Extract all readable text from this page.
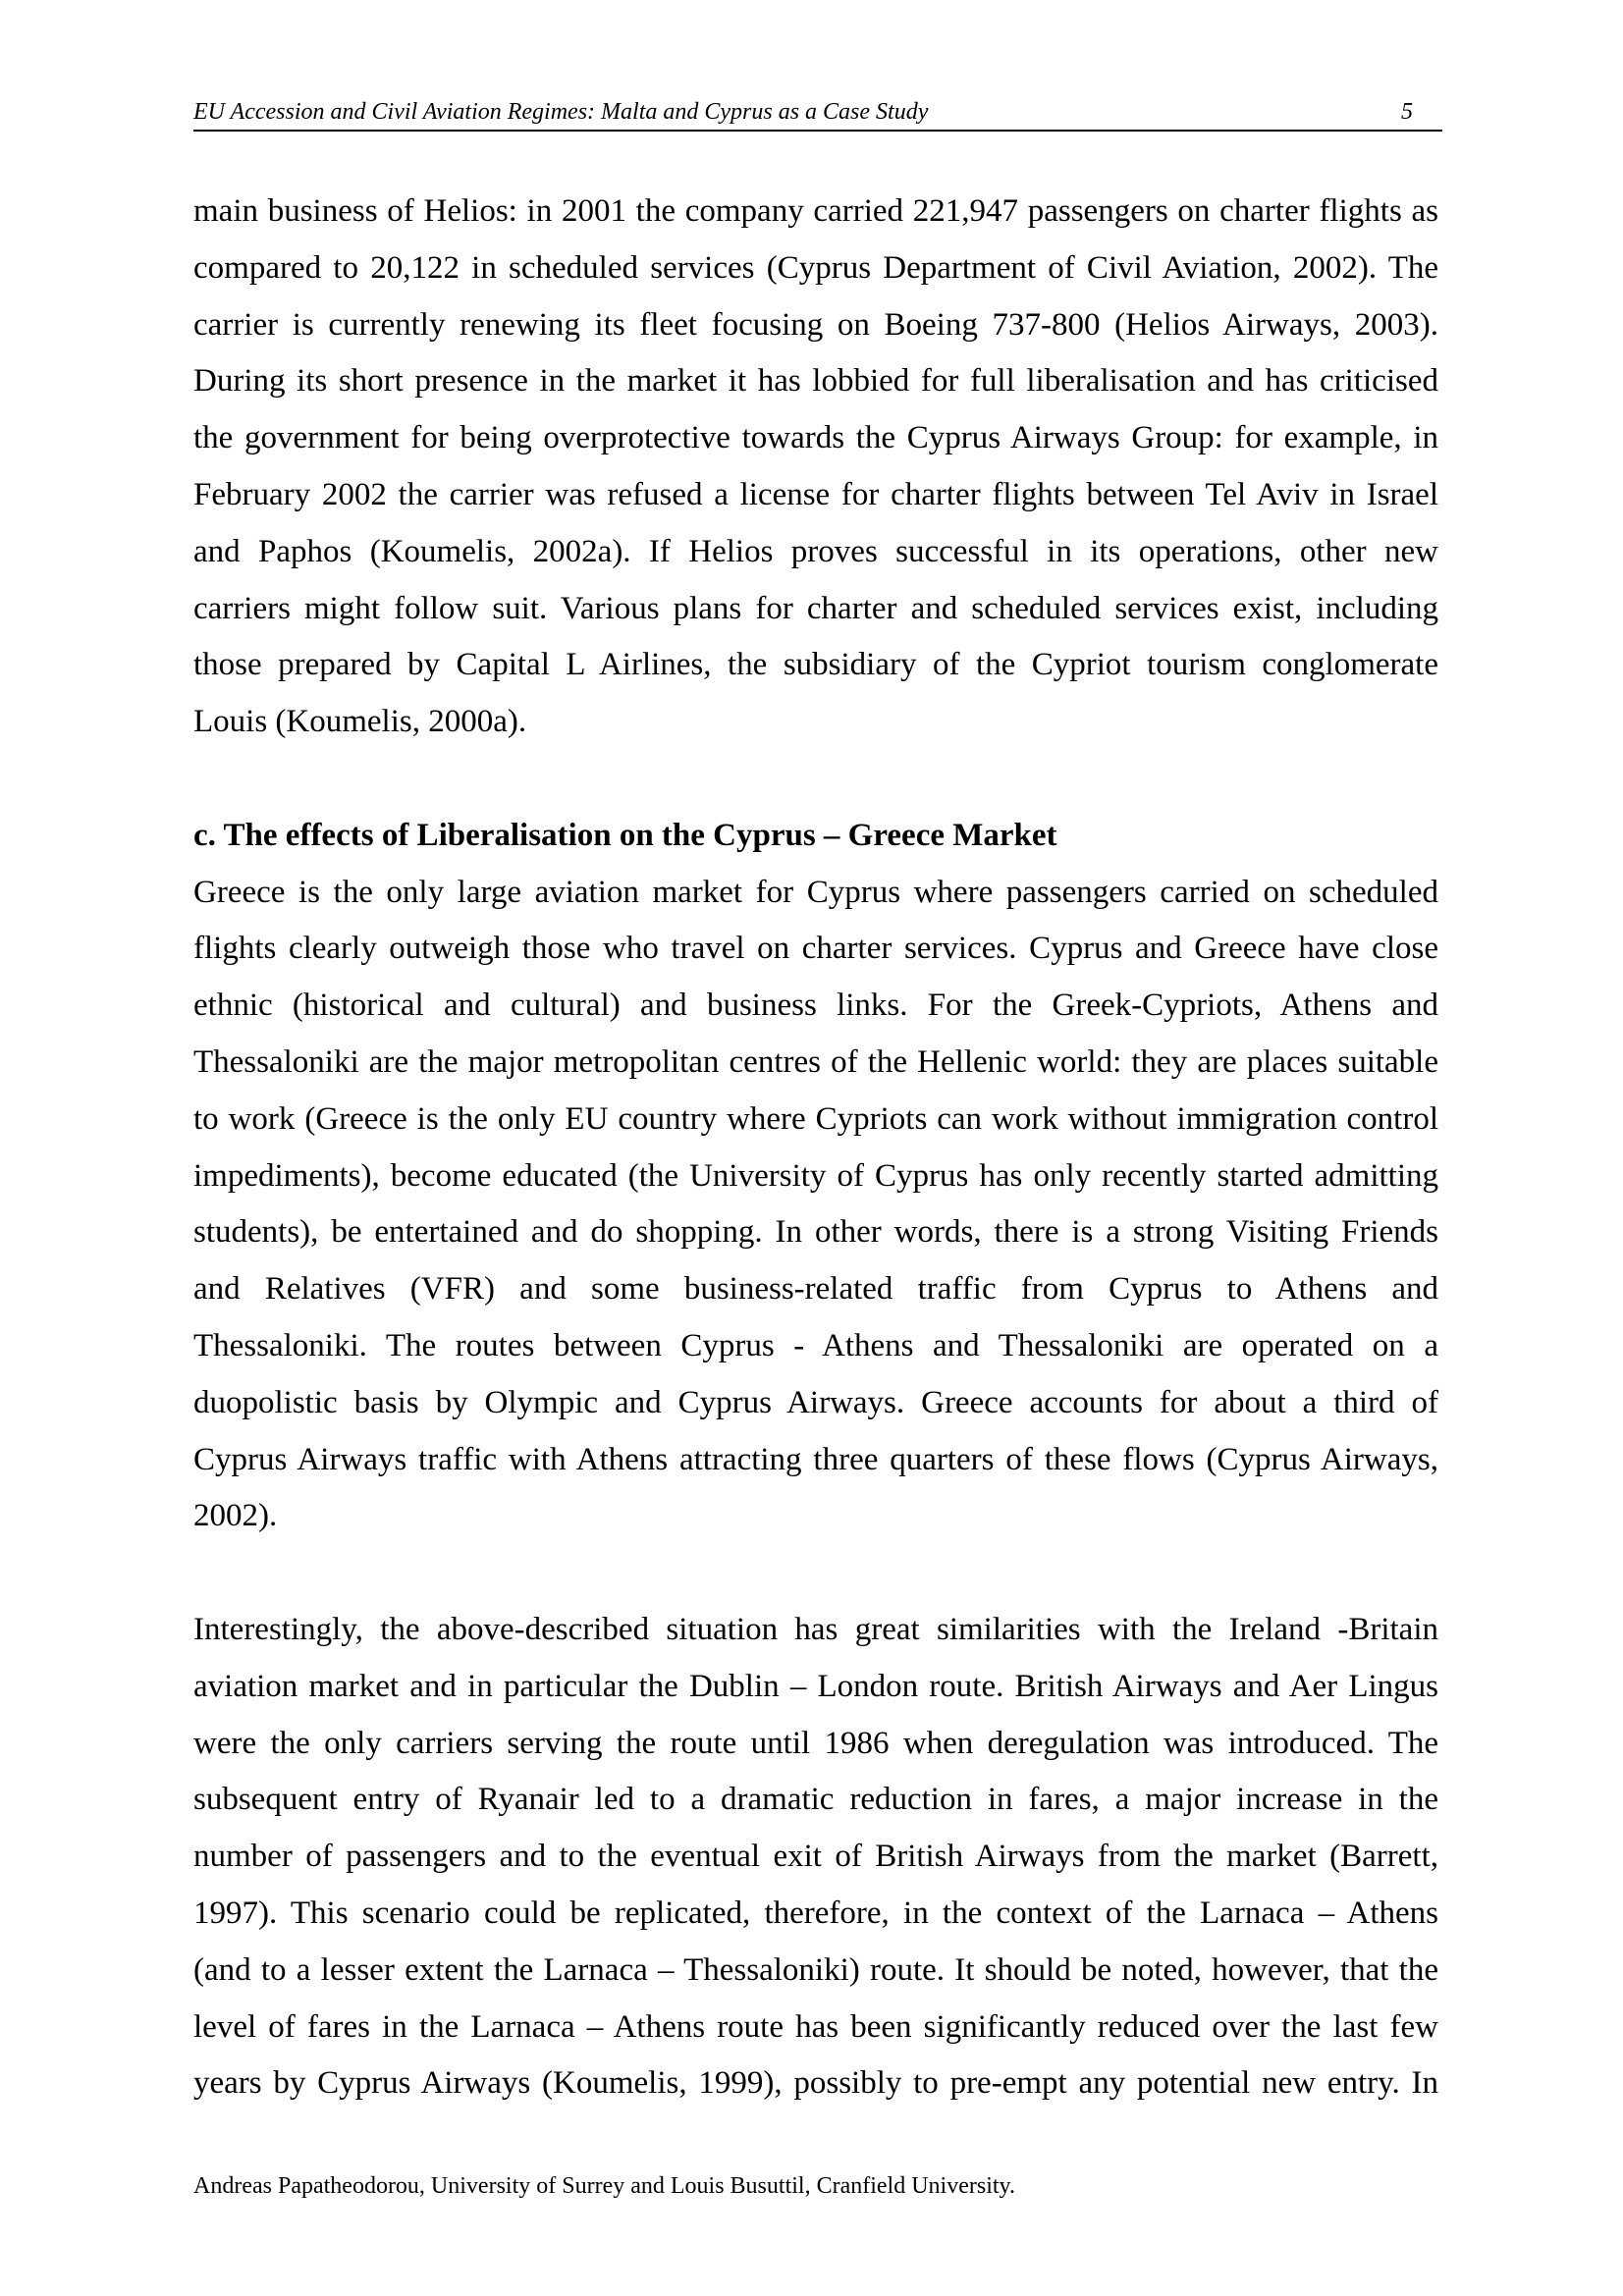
EU Accession and Civil Aviation Regimes: Malta and Cyprus as a Case Study	5

main business of Helios: in 2001 the company carried 221,947 passengers on charter flights as
compared to 20,122 in scheduled services (Cyprus Department of Civil Aviation, 2002). The
carrier is currently renewing its fleet focusing on Boeing 737-800 (Helios Airways, 2003).
During its short presence in the market it has lobbied for full liberalisation and has criticised
the government for being overprotective towards the Cyprus Airways Group: for example, in
February 2002 the carrier was refused a license for charter flights between Tel Aviv in Israel
and Paphos (Koumelis, 2002a). If Helios proves successful in its operations, other new
carriers might follow suit. Various plans for charter and scheduled services exist, including
those prepared by Capital L Airlines, the subsidiary of the Cypriot tourism conglomerate
Louis (Koumelis, 2000a).

c. The effects of Liberalisation on the Cyprus – Greece Market

Greece is the only large aviation market for Cyprus where passengers carried on scheduled
flights clearly outweigh those who travel on charter services. Cyprus and Greece have close
ethnic (historical and cultural) and business links. For the Greek-Cypriots, Athens and
Thessaloniki are the major metropolitan centres of the Hellenic world: they are places suitable
to work (Greece is the only EU country where Cypriots can work without immigration control
impediments), become educated (the University of Cyprus has only recently started admitting
students), be entertained and do shopping. In other words, there is a strong Visiting Friends
and Relatives (VFR) and some business-related traffic from Cyprus to Athens and
Thessaloniki. The routes between Cyprus - Athens and Thessaloniki are operated on a
duopolistic basis by Olympic and Cyprus Airways. Greece accounts for about a third of
Cyprus Airways traffic with Athens attracting three quarters of these flows (Cyprus Airways,
2002).

Interestingly, the above-described situation has great similarities with the Ireland -Britain
aviation market and in particular the Dublin – London route. British Airways and Aer Lingus
were the only carriers serving the route until 1986 when deregulation was introduced. The
subsequent entry of Ryanair led to a dramatic reduction in fares, a major increase in the
number of passengers and to the eventual exit of British Airways from the market (Barrett,
1997). This scenario could be replicated, therefore, in the context of the Larnaca – Athens
(and to a lesser extent the Larnaca – Thessaloniki) route. It should be noted, however, that the
level of fares in the Larnaca – Athens route has been significantly reduced over the last few
years by Cyprus Airways (Koumelis, 1999), possibly to pre-empt any potential new entry. In

Andreas Papatheodorou, University of Surrey and Louis Busuttil, Cranfield University.
